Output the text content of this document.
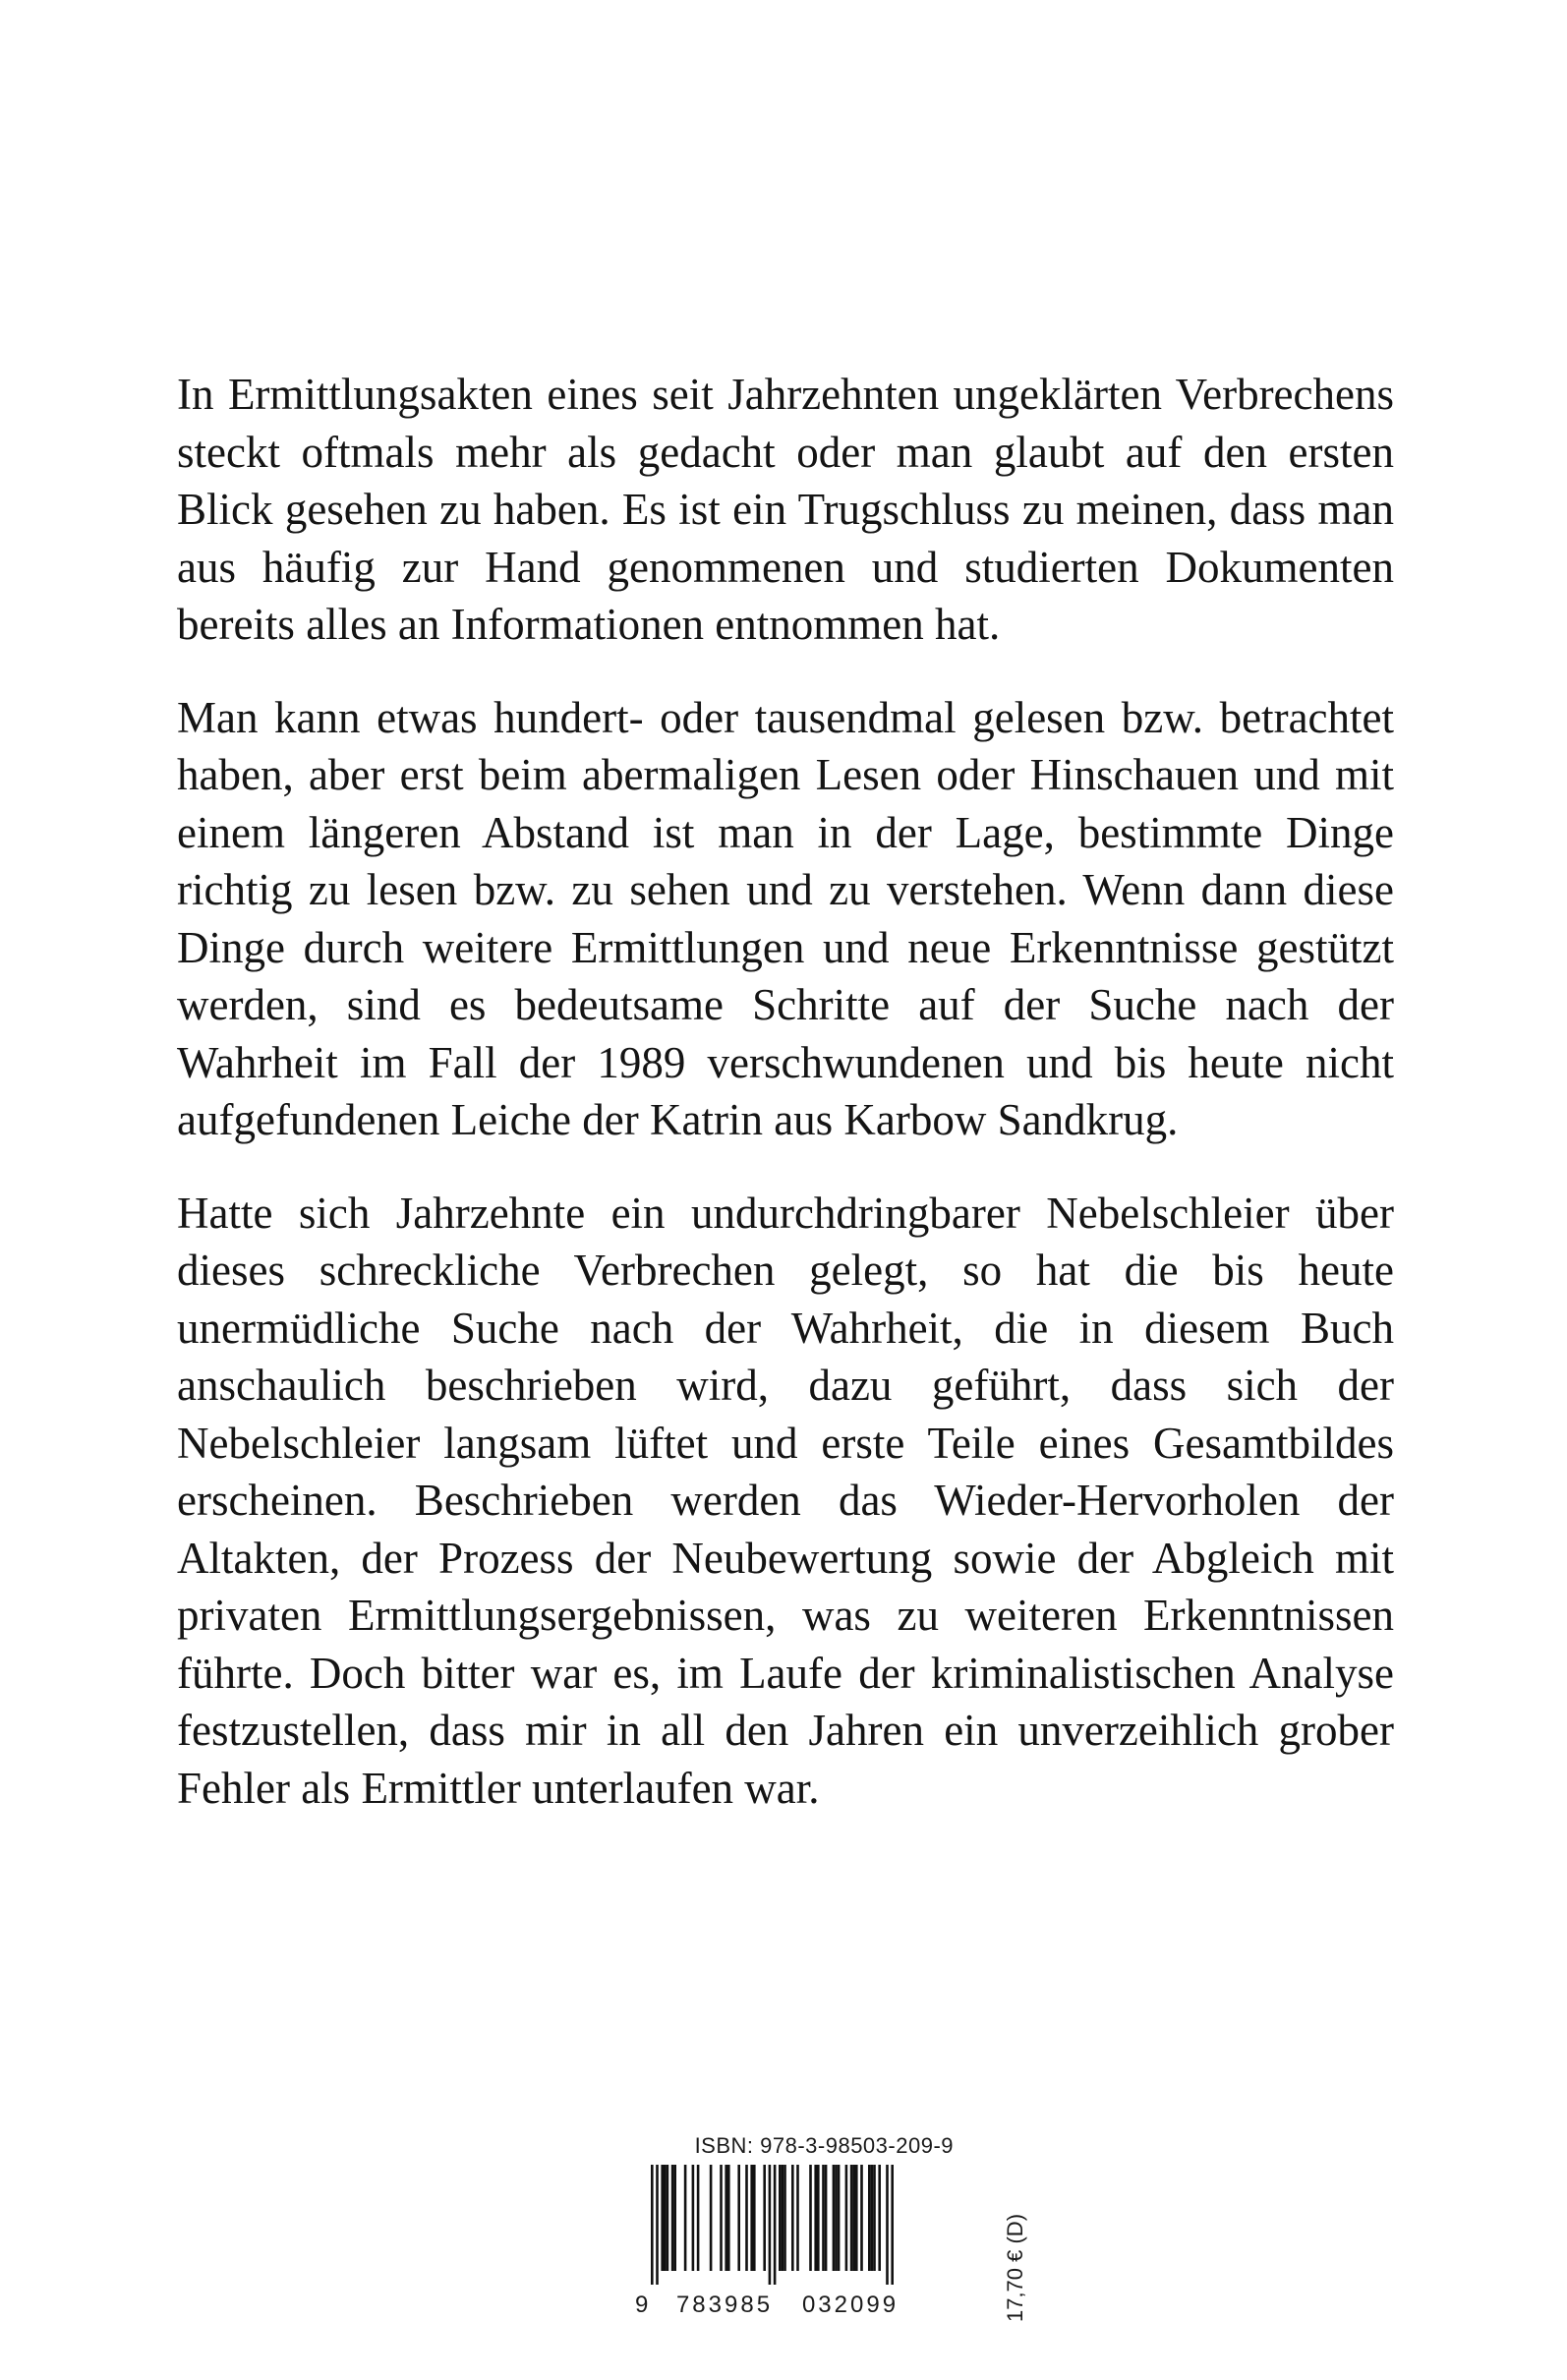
In Ermittlungsakten eines seit Jahrzehnten ungeklärten Verbrechens steckt oftmals mehr als gedacht oder man glaubt auf den ersten Blick gesehen zu haben. Es ist ein Trugschluss zu meinen, dass man aus häufig zur Hand genommenen und studierten Dokumenten bereits alles an Informationen entnommen hat.

Man kann etwas hundert- oder tausendmal gelesen bzw. betrachtet haben, aber erst beim abermaligen Lesen oder Hinschauen und mit einem längeren Abstand ist man in der Lage, bestimmte Dinge richtig zu lesen bzw. zu sehen und zu verstehen. Wenn dann diese Dinge durch weitere Ermittlungen und neue Erkenntnisse gestützt werden, sind es bedeutsame Schritte auf der Suche nach der Wahrheit im Fall der 1989 verschwundenen und bis heute nicht aufgefundenen Leiche der Katrin aus Karbow Sandkrug.

Hatte sich Jahrzehnte ein undurchdringbarer Nebelschleier über dieses schreckliche Verbrechen gelegt, so hat die bis heute unermüdliche Suche nach der Wahrheit, die in diesem Buch anschaulich beschrieben wird, dazu geführt, dass sich der Nebelschleier langsam lüftet und erste Teile eines Gesamtbildes erscheinen. Beschrieben werden das Wieder-Hervorholen der Altakten, der Prozess der Neubewertung sowie der Abgleich mit privaten Ermittlungsergebnissen, was zu weiteren Erkenntnissen führte. Doch bitter war es, im Laufe der kriminalistischen Analyse festzustellen, dass mir in all den Jahren ein unverzeihlich grober Fehler als Ermittler unterlaufen war.

ISBN: 978-3-98503-209-9
9 783985 032099	17,70 € (D)
